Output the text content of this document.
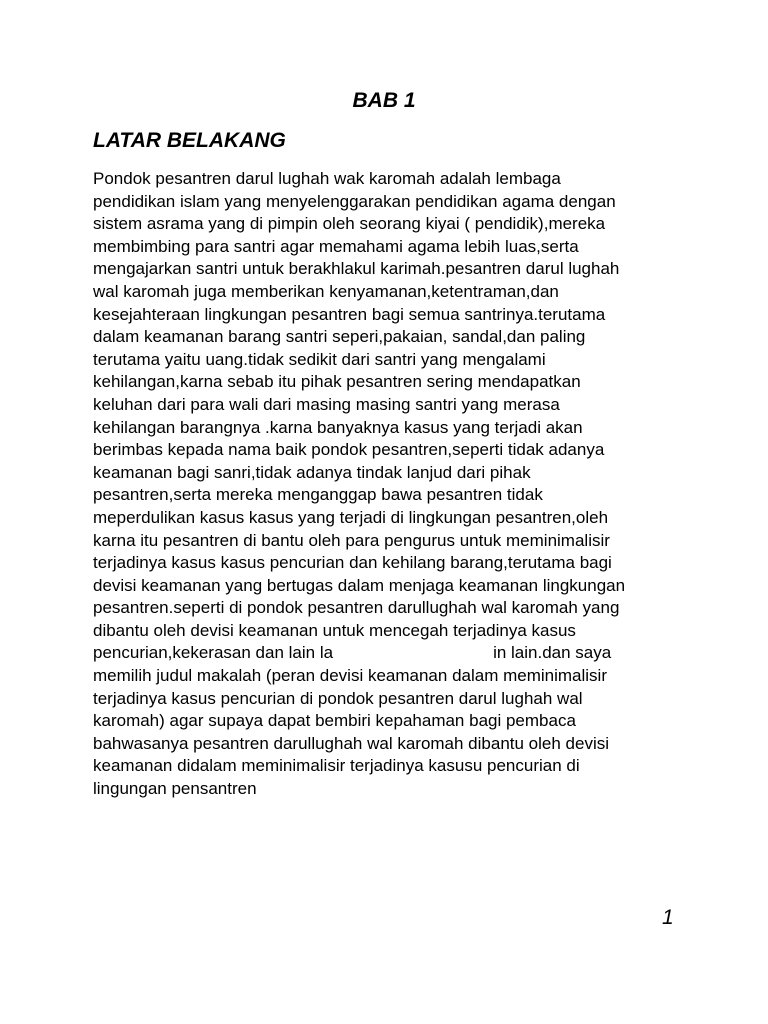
BAB 1
LATAR BELAKANG
Pondok pesantren darul lughah wak karomah adalah lembaga
pendidikan islam yang menyelenggarakan pendidikan agama dengan
sistem asrama yang di pimpin oleh seorang kiyai ( pendidik),mereka
membimbing para santri agar memahami agama lebih luas,serta
mengajarkan santri untuk berakhlakul karimah.pesantren darul lughah
wal karomah juga memberikan kenyamanan,ketentraman,dan
kesejahteraan lingkungan pesantren bagi semua santrinya.terutama
dalam keamanan barang santri seperi,pakaian, sandal,dan paling
terutama yaitu uang.tidak sedikit dari santri yang mengalami
kehilangan,karna sebab itu pihak pesantren sering mendapatkan
keluhan dari para wali dari masing masing santri yang merasa
kehilangan barangnya .karna banyaknya kasus yang terjadi akan
berimbas kepada nama baik pondok pesantren,seperti tidak adanya
keamanan bagi sanri,tidak adanya tindak lanjud dari pihak
pesantren,serta mereka menganggap bawa pesantren tidak
meperdulikan kasus kasus yang terjadi di lingkungan pesantren,oleh
karna itu pesantren di bantu oleh para pengurus untuk meminimalisir
terjadinya kasus kasus pencurian dan kehilang barang,terutama bagi
devisi keamanan yang bertugas dalam menjaga keamanan lingkungan
pesantren.seperti di pondok pesantren darullughah wal karomah yang
dibantu oleh devisi keamanan untuk mencegah terjadinya kasus
pencurian,kekerasan dan lain la	in lain.dan saya
memilih judul makalah (peran devisi keamanan dalam meminimalisir
terjadinya kasus pencurian di pondok pesantren darul lughah wal
karomah) agar supaya dapat bembiri kepahaman bagi pembaca
bahwasanya pesantren darullughah wal karomah dibantu oleh devisi
keamanan didalam meminimalisir terjadinya kasusu pencurian di
lingungan pensantren
1
